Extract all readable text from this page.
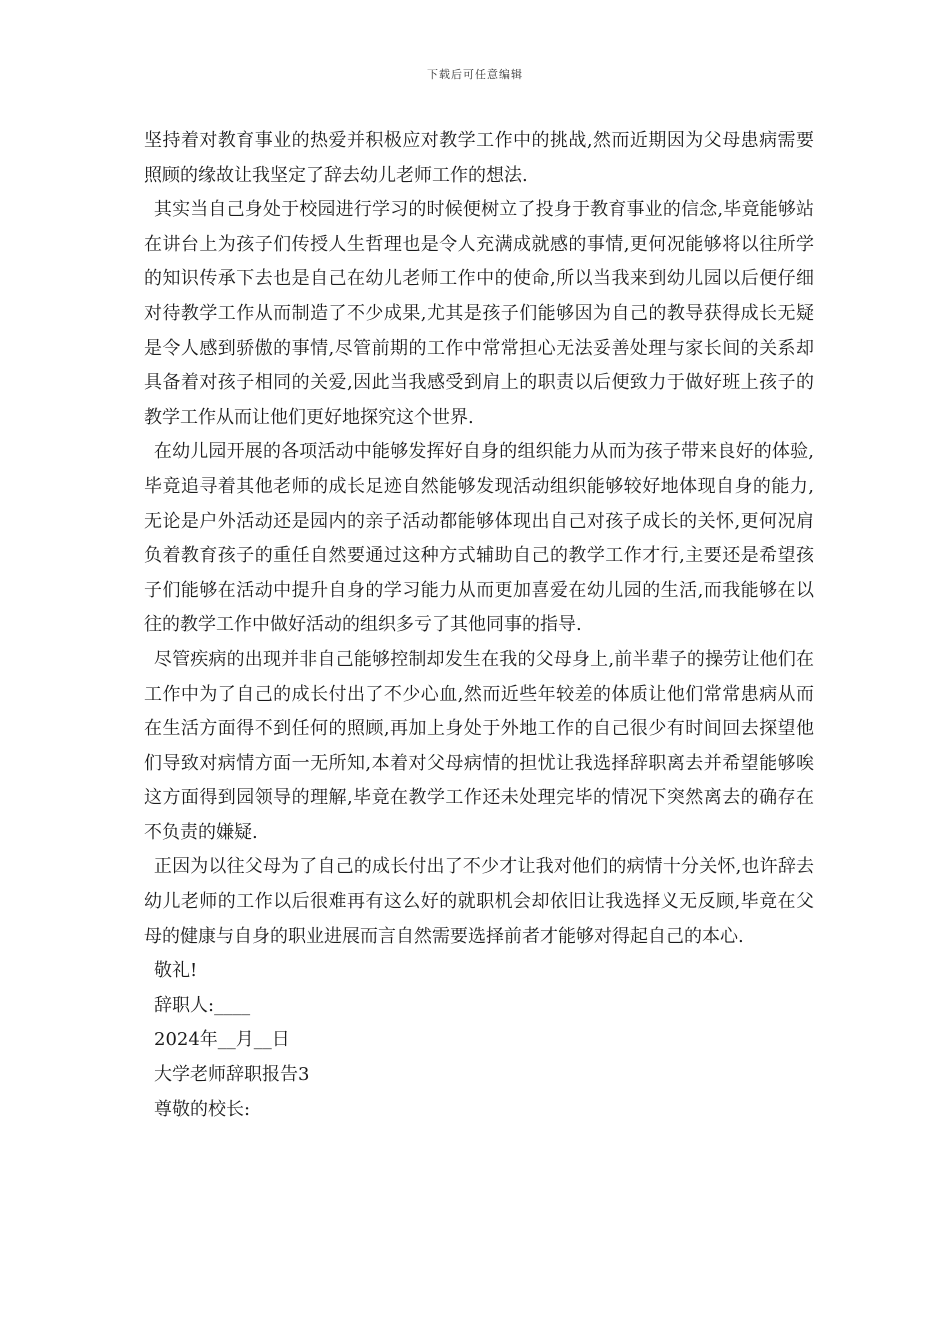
下载后可任意编辑

坚持着对教育事业的热爱并积极应对教学工作中的挑战,然而近期因为父母患病需要照顾的缘故让我坚定了辞去幼儿老师工作的想法.

其实当自己身处于校园进行学习的时候便树立了投身于教育事业的信念,毕竟能够站在讲台上为孩子们传授人生哲理也是令人充满成就感的事情,更何况能够将以往所学的知识传承下去也是自己在幼儿老师工作中的使命,所以当我来到幼儿园以后便仔细对待教学工作从而制造了不少成果,尤其是孩子们能够因为自己的教导获得成长无疑是令人感到骄傲的事情,尽管前期的工作中常常担心无法妥善处理与家长间的关系却具备着对孩子相同的关爱,因此当我感受到肩上的职责以后便致力于做好班上孩子的教学工作从而让他们更好地探究这个世界.

在幼儿园开展的各项活动中能够发挥好自身的组织能力从而为孩子带来良好的体验,毕竟追寻着其他老师的成长足迹自然能够发现活动组织能够较好地体现自身的能力,无论是户外活动还是园内的亲子活动都能够体现出自己对孩子成长的关怀,更何况肩负着教育孩子的重任自然要通过这种方式辅助自己的教学工作才行,主要还是希望孩子们能够在活动中提升自身的学习能力从而更加喜爱在幼儿园的生活,而我能够在以往的教学工作中做好活动的组织多亏了其他同事的指导.

尽管疾病的出现并非自己能够控制却发生在我的父母身上,前半辈子的操劳让他们在工作中为了自己的成长付出了不少心血,然而近些年较差的体质让他们常常患病从而在生活方面得不到任何的照顾,再加上身处于外地工作的自己很少有时间回去探望他们导致对病情方面一无所知,本着对父母病情的担忧让我选择辞职离去并希望能够唉这方面得到园领导的理解,毕竟在教学工作还未处理完毕的情况下突然离去的确存在不负责的嫌疑.

正因为以往父母为了自己的成长付出了不少才让我对他们的病情十分关怀,也许辞去幼儿老师的工作以后很难再有这么好的就职机会却依旧让我选择义无反顾,毕竟在父母的健康与自身的职业进展而言自然需要选择前者才能够对得起自己的本心.

敬礼!

辞职人:____

2024年__月__日

大学老师辞职报告3

尊敬的校长:
